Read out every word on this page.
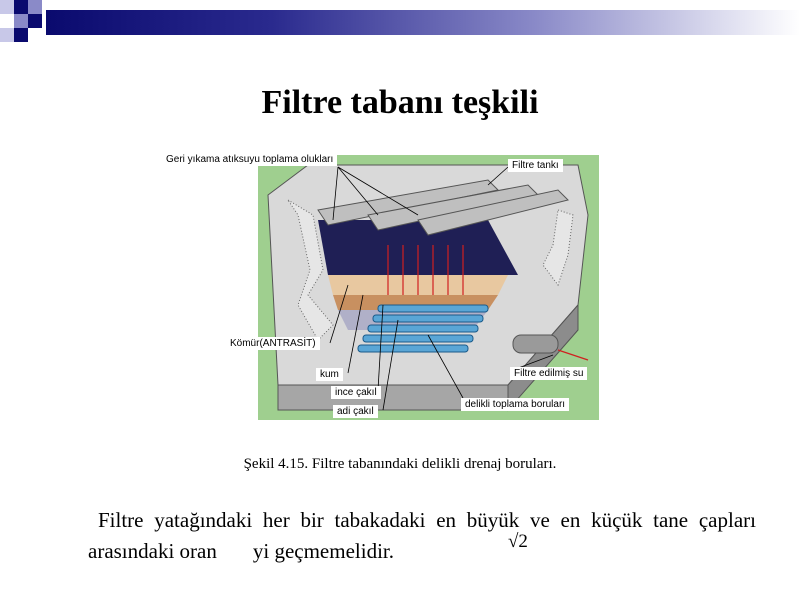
Filtre tabanı teşkili
Geri yıkama atıksuyu toplama olukları
Filtre tankı
Kömür(ANTRASİT)
kum
ince çakıl
adi çakıl
Filtre edilmiş su
delikli toplama boruları
Şekil 4.15. Filtre tabanındaki delikli drenaj boruları.
Filtre yatağındaki her bir tabakadaki en büyük ve en küçük tane çapları arasındaki oran yi geçmemelidir.	√2
